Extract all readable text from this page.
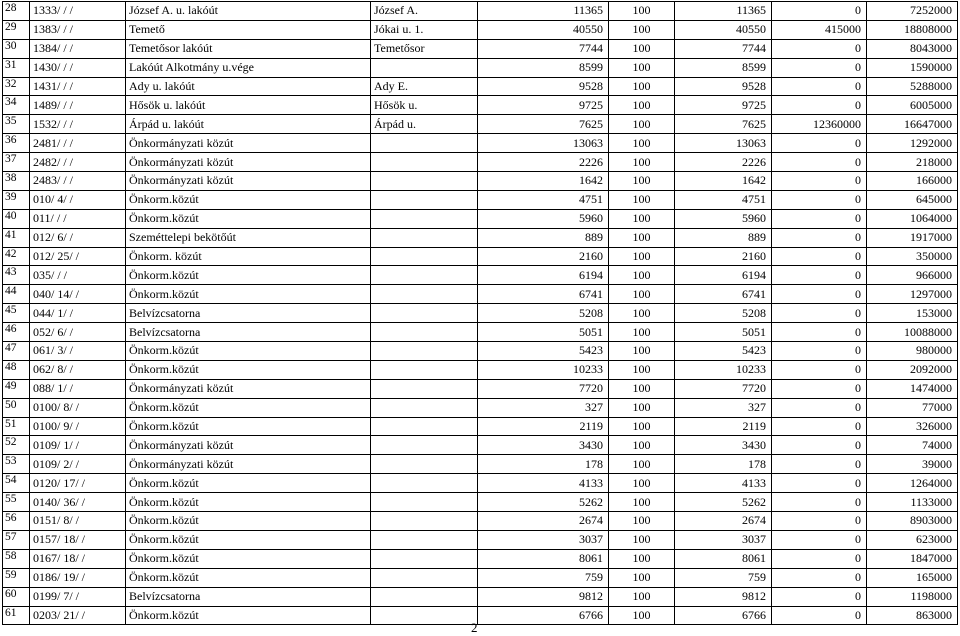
28	1333/ / /	József A. u. lakóút	József A.	11365	100	11365	0	7252000
29	1383/ / /	Temető	Jókai u. 1.	40550	100	40550	415000	18808000
30	1384/ / /	Temetősor lakóút	Temetősor	7744	100	7744	0	8043000
31	1430/ / /	Lakóút Alkotmány u.vége		8599	100	8599	0	1590000
32	1431/ / /	Ady u. lakóút	Ady E.	9528	100	9528	0	5288000
34	1489/ / /	Hősök u. lakóút	Hősök u.	9725	100	9725	0	6005000
35	1532/ / /	Árpád u. lakóút	Árpád u.	7625	100	7625	12360000	16647000
36	2481/ / /	Önkormányzati közút		13063	100	13063	0	1292000
37	2482/ / /	Önkormányzati közút		2226	100	2226	0	218000
38	2483/ / /	Önkormányzati közút		1642	100	1642	0	166000
39	010/ 4/ /	Önkorm.közút		4751	100	4751	0	645000
40	011/ / /	Önkorm.közút		5960	100	5960	0	1064000
41	012/ 6/ /	Szeméttelepi bekötőút		889	100	889	0	1917000
42	012/ 25/ /	Önkorm. közút		2160	100	2160	0	350000
43	035/ / /	Önkorm.közút		6194	100	6194	0	966000
44	040/ 14/ /	Önkorm.közút		6741	100	6741	0	1297000
45	044/ 1/ /	Belvízcsatorna		5208	100	5208	0	153000
46	052/ 6/ /	Belvízcsatorna		5051	100	5051	0	10088000
47	061/ 3/ /	Önkorm.közút		5423	100	5423	0	980000
48	062/ 8/ /	Önkorm.közút		10233	100	10233	0	2092000
49	088/ 1/ /	Önkormányzati közút		7720	100	7720	0	1474000
50	0100/ 8/ /	Önkorm.közút		327	100	327	0	77000
51	0100/ 9/ /	Önkorm.közút		2119	100	2119	0	326000
52	0109/ 1/ /	Önkormányzati közút		3430	100	3430	0	74000
53	0109/ 2/ /	Önkormányzati közút		178	100	178	0	39000
54	0120/ 17/ /	Önkorm.közút		4133	100	4133	0	1264000
55	0140/ 36/ /	Önkorm.közút		5262	100	5262	0	1133000
56	0151/ 8/ /	Önkorm.közút		2674	100	2674	0	8903000
57	0157/ 18/ /	Önkorm.közút		3037	100	3037	0	623000
58	0167/ 18/ /	Önkorm.közút		8061	100	8061	0	1847000
59	0186/ 19/ /	Önkorm.közút		759	100	759	0	165000
60	0199/ 7/ /	Belvízcsatorna		9812	100	9812	0	1198000
61	0203/ 21/ /	Önkorm.közút		6766	100	6766	0	863000
2
